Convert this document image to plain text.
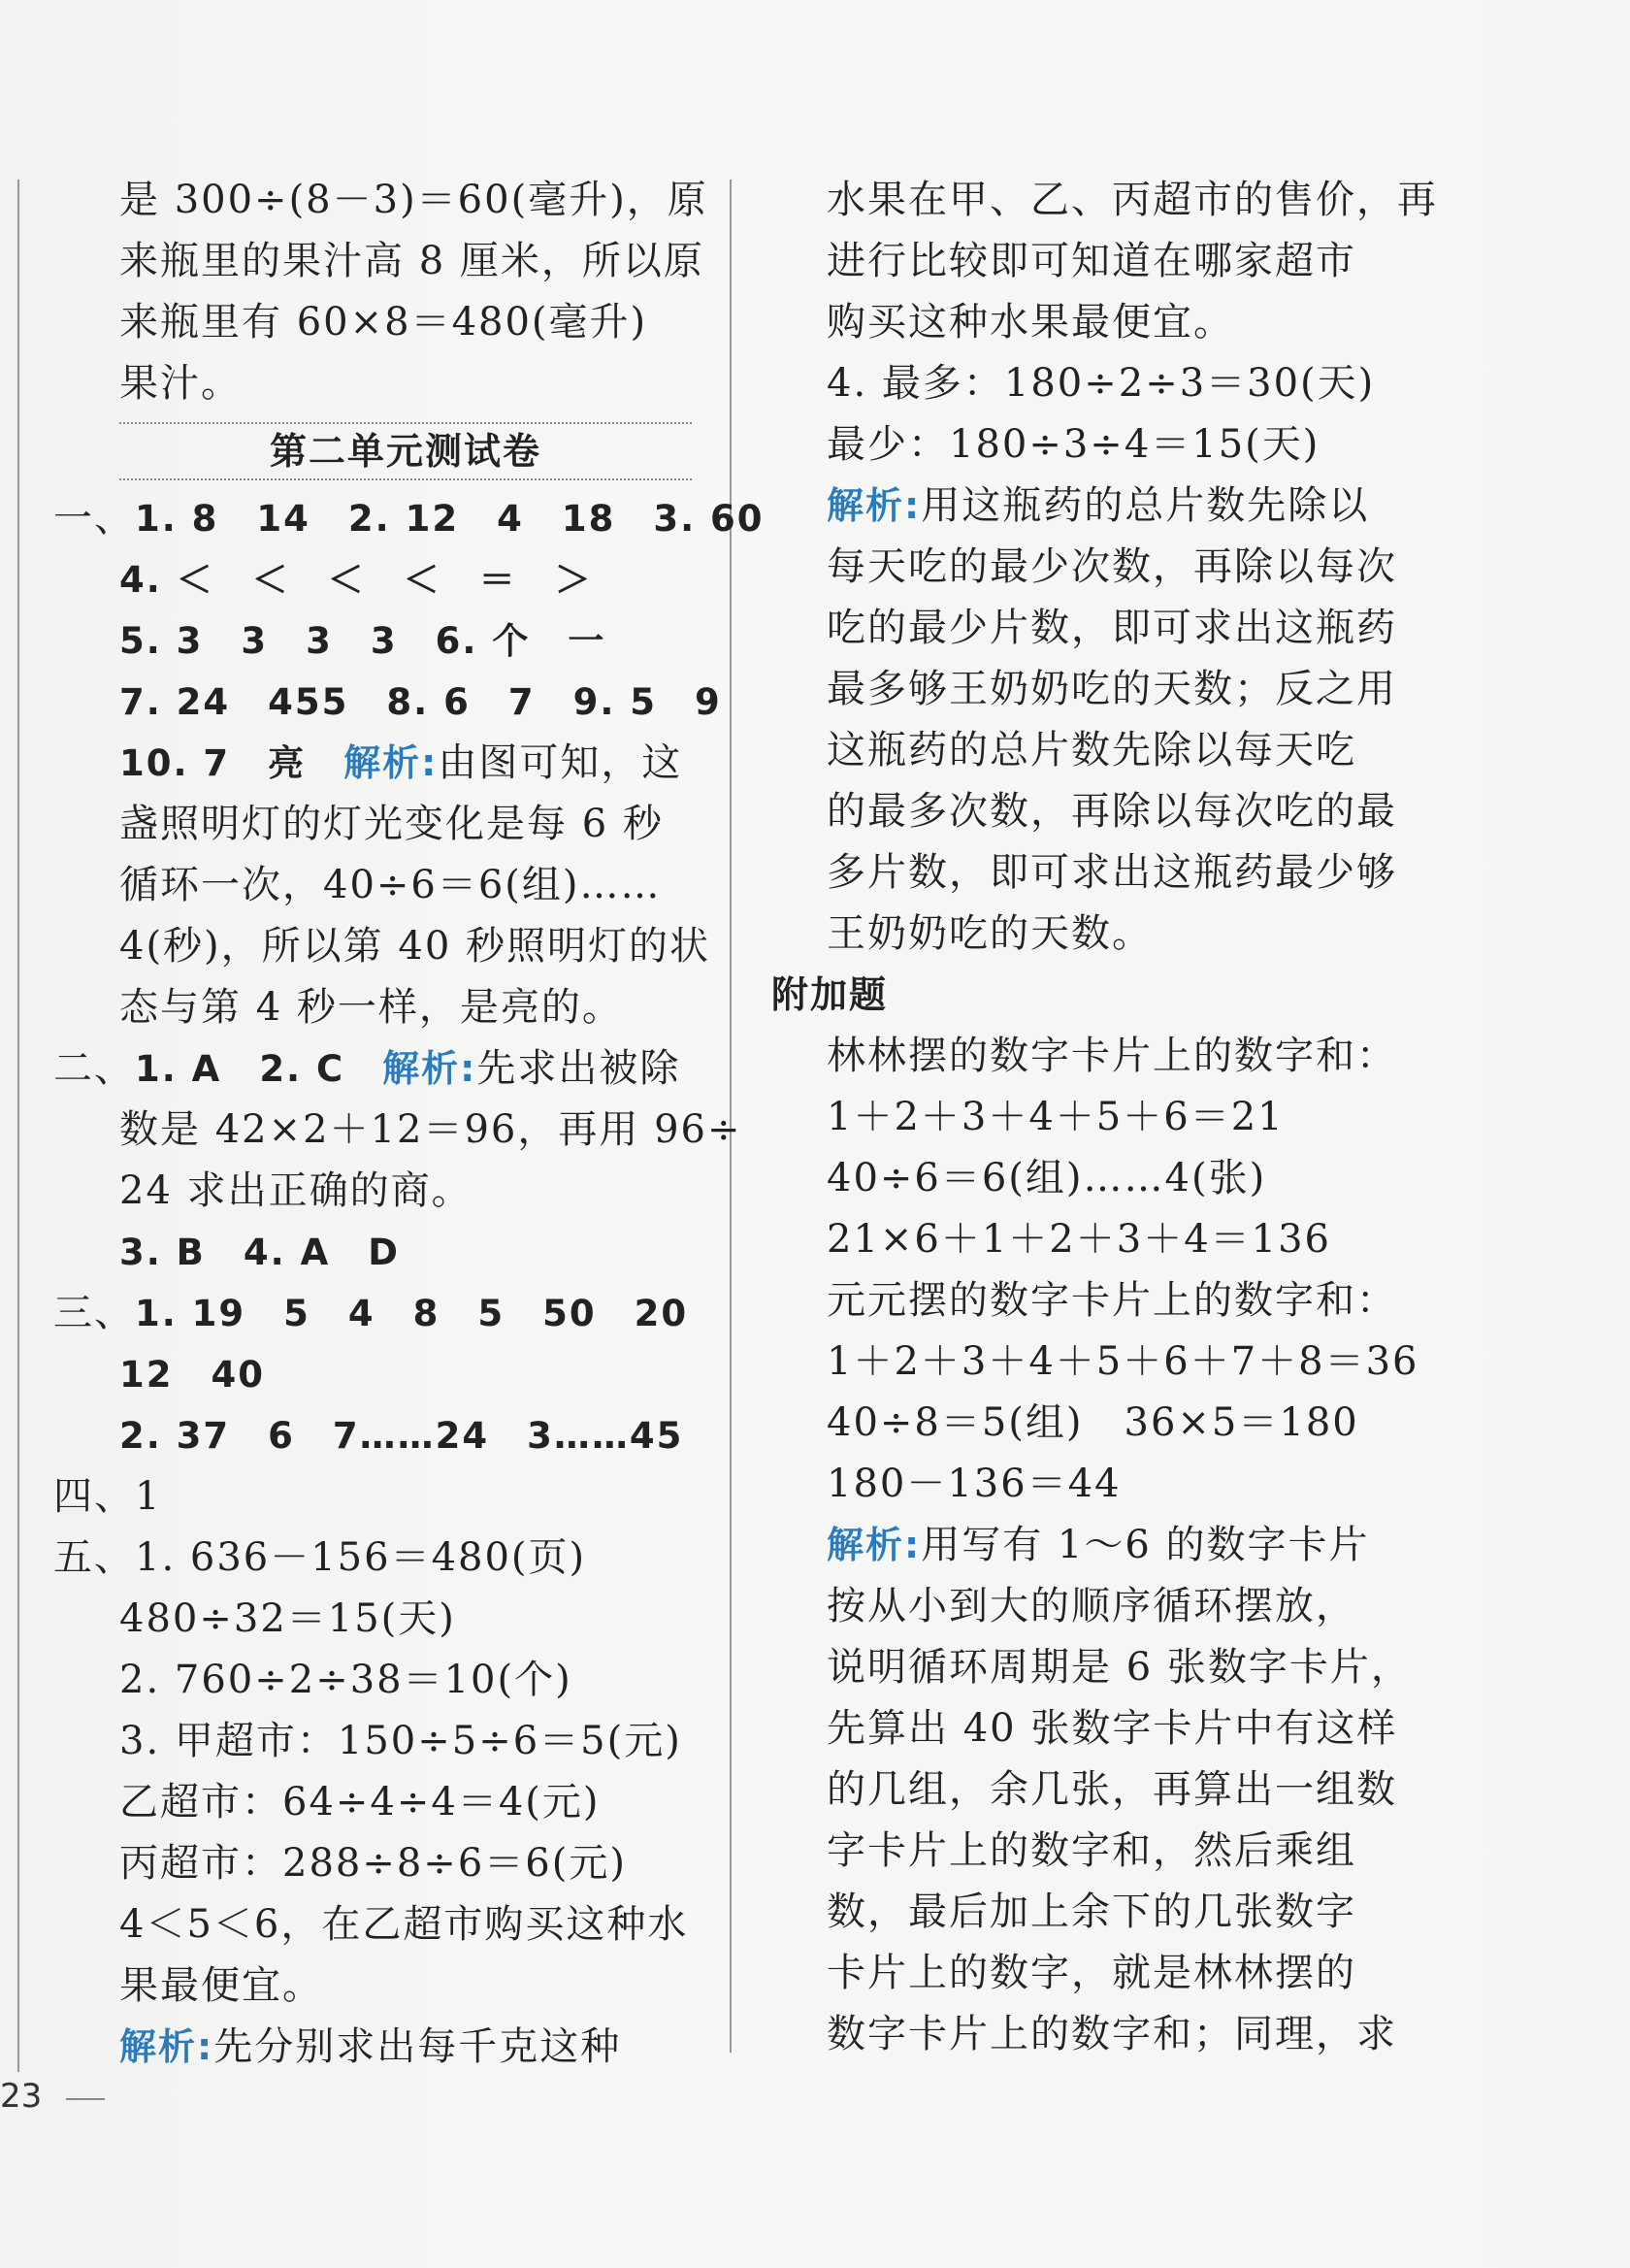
是 300÷(8－3)＝60(毫升)，原
来瓶里的果汁高 8 厘米，所以原
来瓶里有 60×8＝480(毫升)
果汁。
第二单元测试卷
一、1. 8　14　2. 12　4　18　3. 60
4. ＜　＜　＜　＜　＝　＞
5. 3　3　3　3　6. 个　一
7. 24　455　8. 6　7　9. 5　9
10. 7　亮　解析:由图可知，这
盏照明灯的灯光变化是每 6 秒
循环一次，40÷6＝6(组)……
4(秒)，所以第 40 秒照明灯的状
态与第 4 秒一样，是亮的。
二、1. A　2. C　解析:先求出被除
数是 42×2＋12＝96，再用 96÷
24 求出正确的商。
3. B　4. A　D
三、1. 19　5　4　8　5　50　20
12　40
2. 37　6　7……24　3……45
四、1
五、1. 636－156＝480(页)
480÷32＝15(天)
2. 760÷2÷38＝10(个)
3. 甲超市：150÷5÷6＝5(元)
乙超市：64÷4÷4＝4(元)
丙超市：288÷8÷6＝6(元)
4＜5＜6，在乙超市购买这种水
果最便宜。
解析:先分别求出每千克这种
水果在甲、乙、丙超市的售价，再
进行比较即可知道在哪家超市
购买这种水果最便宜。
4. 最多：180÷2÷3＝30(天)
最少：180÷3÷4＝15(天)
解析:用这瓶药的总片数先除以
每天吃的最少次数，再除以每次
吃的最少片数，即可求出这瓶药
最多够王奶奶吃的天数；反之用
这瓶药的总片数先除以每天吃
的最多次数，再除以每次吃的最
多片数，即可求出这瓶药最少够
王奶奶吃的天数。
附加题
林林摆的数字卡片上的数字和：
1＋2＋3＋4＋5＋6＝21
40÷6＝6(组)……4(张)
21×6＋1＋2＋3＋4＝136
元元摆的数字卡片上的数字和：
1＋2＋3＋4＋5＋6＋7＋8＝36
40÷8＝5(组)　36×5＝180
180－136＝44
解析:用写有 1～6 的数字卡片
按从小到大的顺序循环摆放，
说明循环周期是 6 张数字卡片，
先算出 40 张数字卡片中有这样
的几组，余几张，再算出一组数
字卡片上的数字和，然后乘组
数，最后加上余下的几张数字
卡片上的数字，就是林林摆的
数字卡片上的数字和；同理，求
23
